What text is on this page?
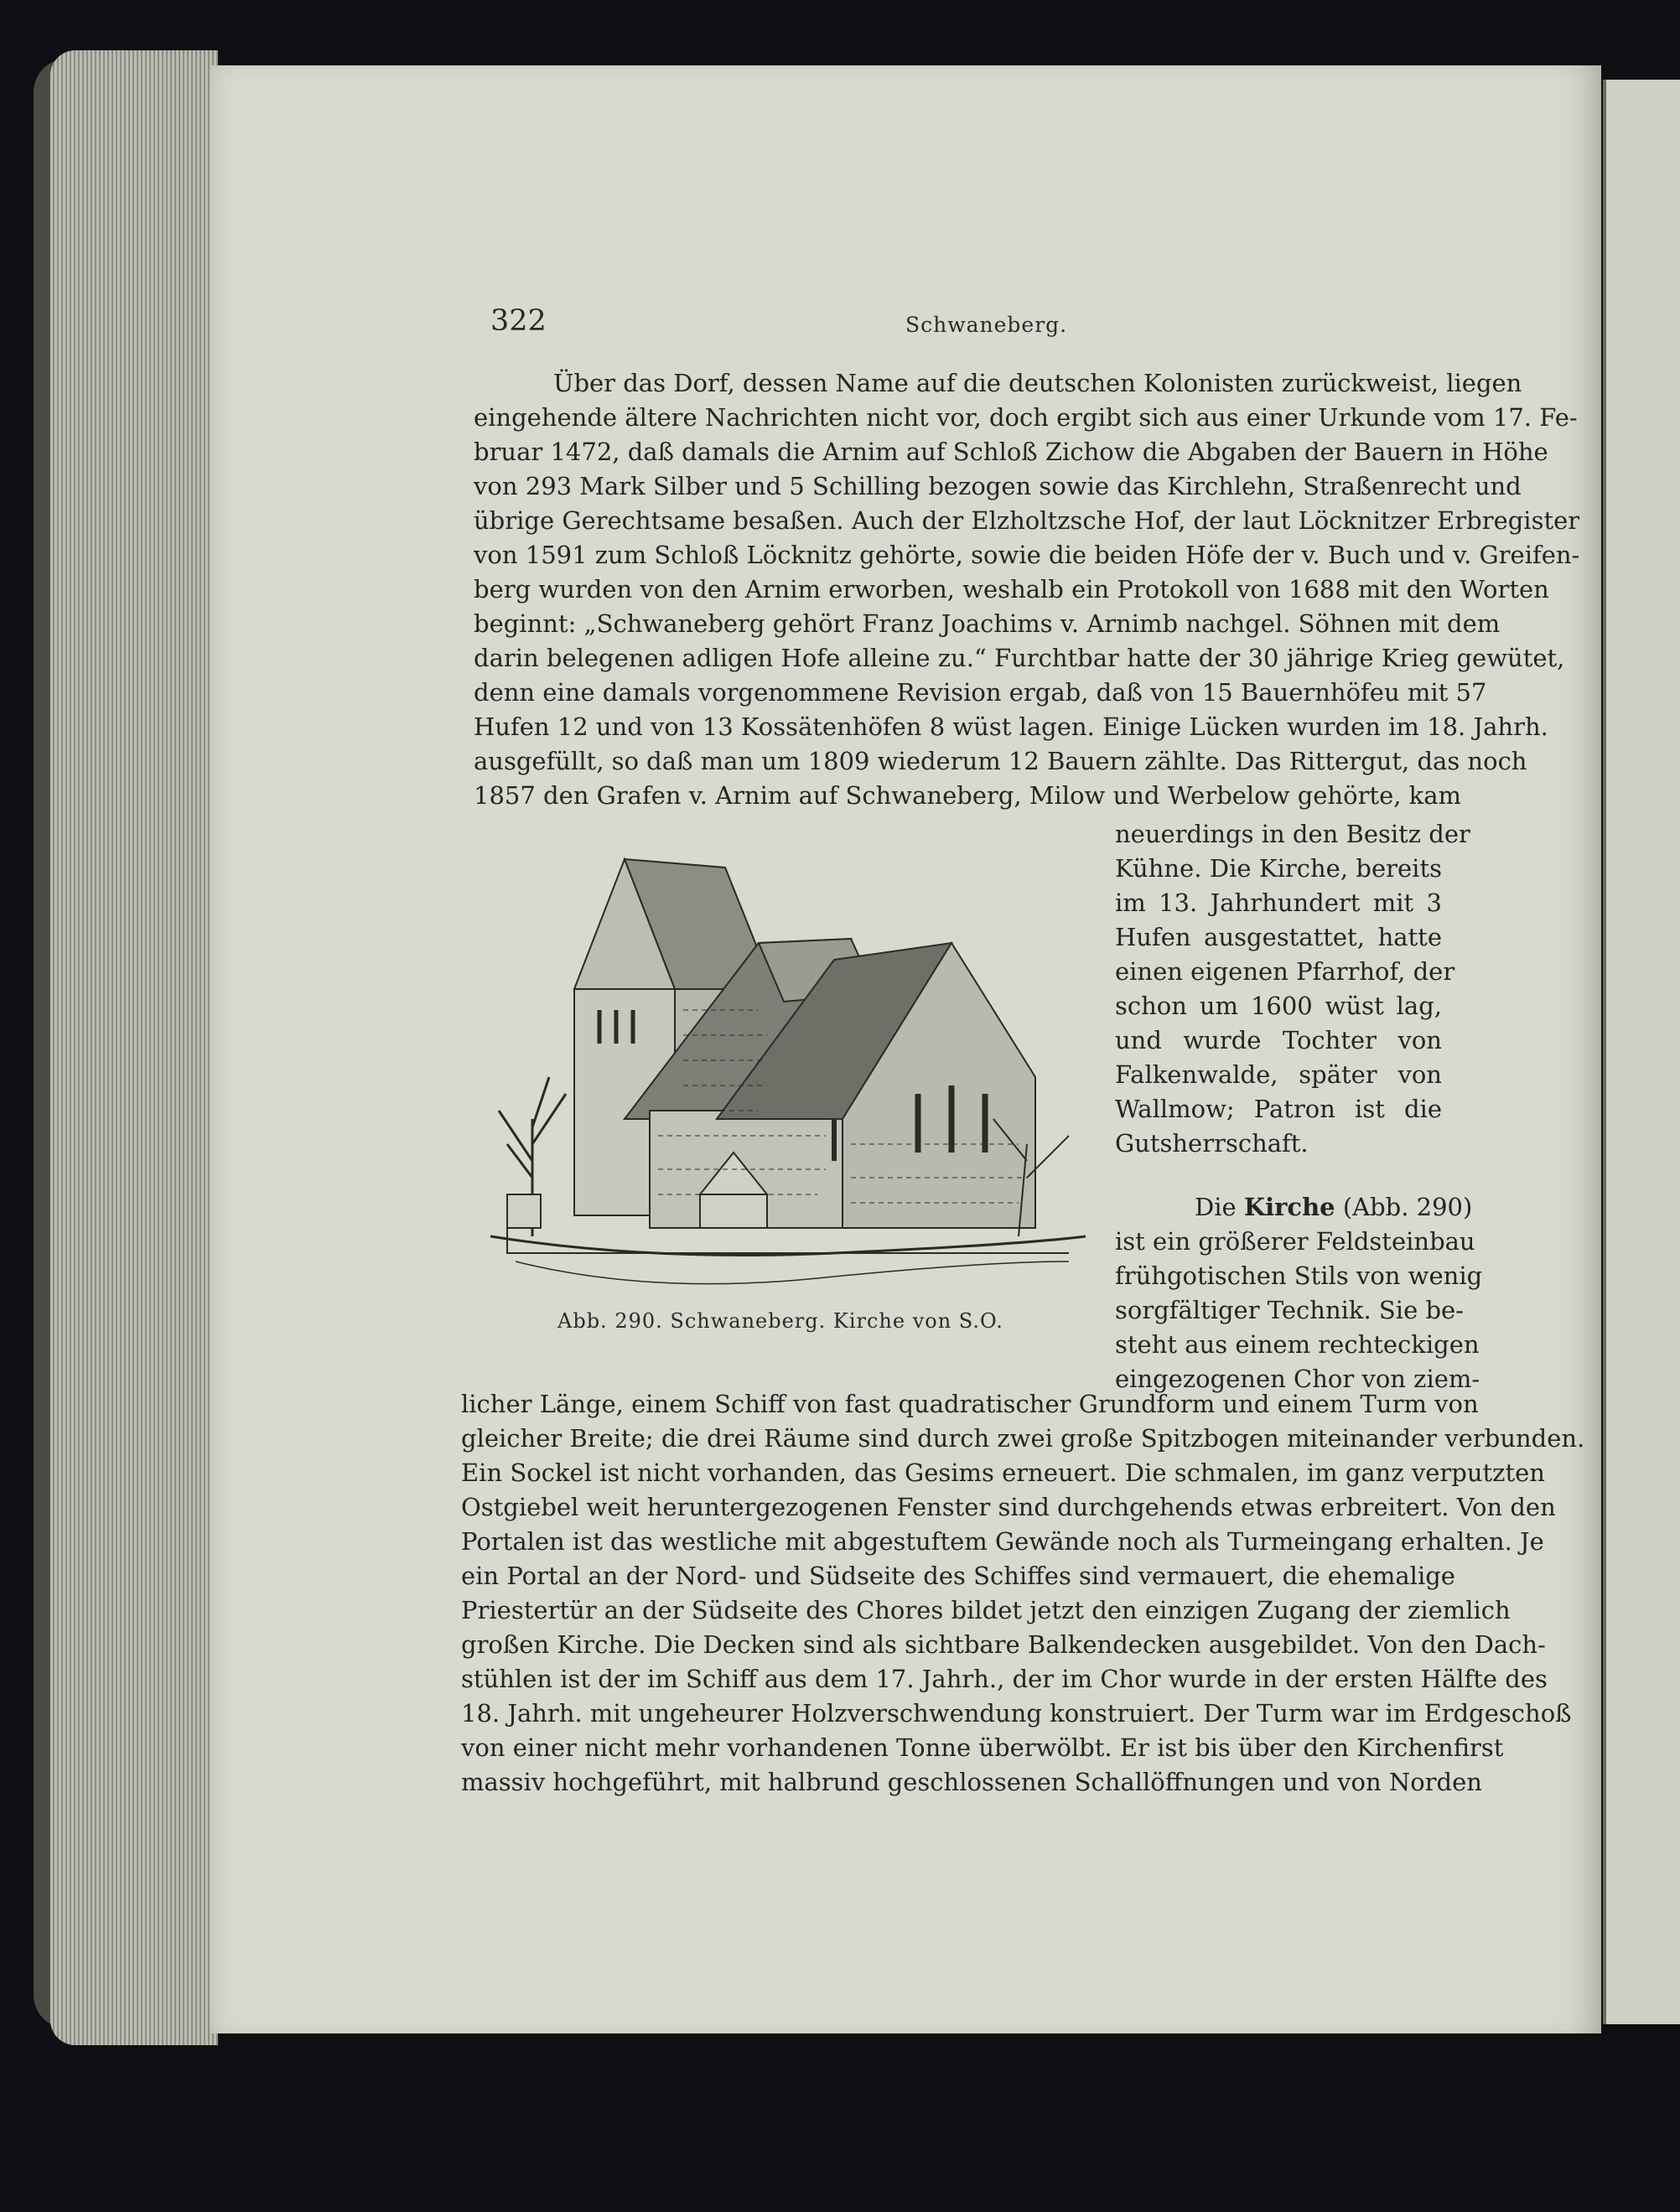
322	Schwaneberg.
Über das Dorf, dessen Name auf die deutschen Kolonisten zurückweist, liegen
eingehende ältere Nachrichten nicht vor, doch ergibt sich aus einer Urkunde vom 17. Fe-
bruar 1472, daß damals die Arnim auf Schloß Zichow die Abgaben der Bauern in Höhe
von 293 Mark Silber und 5 Schilling bezogen sowie das Kirchlehn, Straßenrecht und
übrige Gerechtsame besaßen. Auch der Elzholtzsche Hof, der laut Löcknitzer Erbregister
von 1591 zum Schloß Löcknitz gehörte, sowie die beiden Höfe der v. Buch und v. Greifen-
berg wurden von den Arnim erworben, weshalb ein Protokoll von 1688 mit den Worten
beginnt: „Schwaneberg gehört Franz Joachims v. Arnimb nachgel. Söhnen mit dem
darin belegenen adligen Hofe alleine zu.“ Furchtbar hatte der 30 jährige Krieg gewütet,
denn eine damals vorgenommene Revision ergab, daß von 15 Bauernhöfeu mit 57
Hufen 12 und von 13 Kossätenhöfen 8 wüst lagen. Einige Lücken wurden im 18. Jahrh.
ausgefüllt, so daß man um 1809 wiederum 12 Bauern zählte. Das Rittergut, das noch
1857 den Grafen v. Arnim auf Schwaneberg, Milow und Werbelow gehörte, kam
neuerdings in den Besitz der
Kühne. Die Kirche, bereits
im 13. Jahrhundert mit 3
Hufen ausgestattet, hatte
einen eigenen Pfarrhof, der
schon um 1600 wüst lag,
und wurde Tochter von
Falkenwalde, später von
Wallmow; Patron ist die
Gutsherrschaft.
Die Kirche (Abb. 290)
ist ein größerer Feldsteinbau
frühgotischen Stils von wenig
sorgfältiger Technik. Sie be-
steht aus einem rechteckigen
eingezogenen Chor von ziem-
licher Länge, einem Schiff von fast quadratischer Grundform und einem Turm von
gleicher Breite; die drei Räume sind durch zwei große Spitzbogen miteinander verbunden.
Ein Sockel ist nicht vorhanden, das Gesims erneuert. Die schmalen, im ganz verputzten
Ostgiebel weit heruntergezogenen Fenster sind durchgehends etwas erbreitert. Von den
Portalen ist das westliche mit abgestuftem Gewände noch als Turmeingang erhalten. Je
ein Portal an der Nord- und Südseite des Schiffes sind vermauert, die ehemalige
Priestertür an der Südseite des Chores bildet jetzt den einzigen Zugang der ziemlich
großen Kirche. Die Decken sind als sichtbare Balkendecken ausgebildet. Von den Dach-
stühlen ist der im Schiff aus dem 17. Jahrh., der im Chor wurde in der ersten Hälfte des
18. Jahrh. mit ungeheurer Holzverschwendung konstruiert. Der Turm war im Erdgeschoß
von einer nicht mehr vorhandenen Tonne überwölbt. Er ist bis über den Kirchenfirst
massiv hochgeführt, mit halbrund geschlossenen Schallöffnungen und von Norden
Abb. 290. Schwaneberg. Kirche von S.O.
